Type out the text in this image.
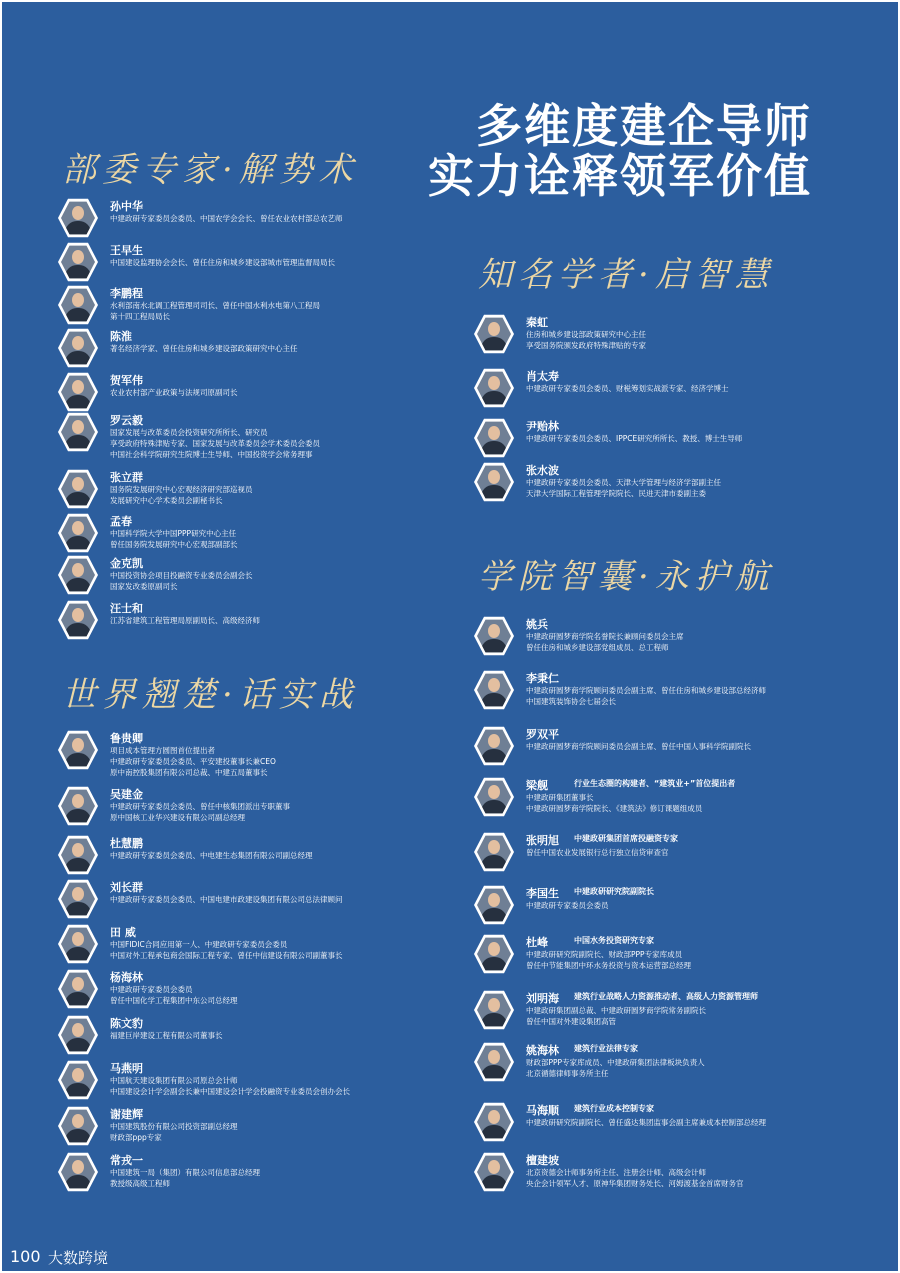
多维度建企导师
实力诠释领军价值
部委专家·解势术
世界翘楚·话实战
知名学者·启智慧
学院智囊·永护航
孙中华
中建政研专家委员会委员、中国农学会会长、曾任农业农村部总农艺师
王早生
中国建设监理协会会长、曾任住房和城乡建设部城市管理监督局局长
李鹏程
水利部南水北调工程管理司司长、曾任中国水利水电第八工程局
第十四工程局局长
陈淮
著名经济学家、曾任住房和城乡建设部政策研究中心主任
贺军伟
农业农村部产业政策与法规司原副司长
罗云毅
国家发展与改革委员会投资研究所所长、研究员
享受政府特殊津贴专家、国家发展与改革委员会学术委员会委员
中国社会科学院研究生院博士生导师、中国投资学会常务理事
张立群
国务院发展研究中心宏观经济研究部巡视员
发展研究中心学术委员会副秘书长
孟春
中国科学院大学中国PPP研究中心主任
曾任国务院发展研究中心宏观部副部长
金克凯
中国投资协会项目投融资专业委员会副会长
国家发改委原副司长
汪士和
江苏省建筑工程管理局原副局长、高级经济师
鲁贵卿
项目成本管理方圆图首位提出者
中建政研专家委员会委员、平安建投董事长兼CEO
原中南控股集团有限公司总裁、中建五局董事长
吴建金
中建政研专家委员会委员、曾任中核集团派出专职董事
原中国核工业华兴建设有限公司副总经理
杜慧鹏
中建政研专家委员会委员、中电建生态集团有限公司副总经理
刘长群
中建政研专家委员会委员、中国电建市政建设集团有限公司总法律顾问
田 威
中国FIDIC合同应用第一人、中建政研专家委员会委员
中国对外工程承包商会国际工程专家、曾任中信建设有限公司副董事长
杨海林
中建政研专家委员会委员
曾任中国化学工程集团中东公司总经理
陈文豹
福建巨岸建设工程有限公司董事长
马燕明
中国航天建设集团有限公司原总会计师
中国建设会计学会副会长兼中国建设会计学会投融资专业委员会创办会长
谢建辉
中国建筑股份有限公司投资部副总经理
财政部ppp专家
常戎一
中国建筑一局（集团）有限公司信息部总经理
教授级高级工程师
秦虹
住房和城乡建设部政策研究中心主任
享受国务院颁发政府特殊津贴的专家
肖太寿
中建政研专家委员会委员、财税筹划实战派专家、经济学博士
尹贻林
中建政研专家委员会委员、IPPCE研究所所长、教授、博士生导师
张水波
中建政研专家委员会委员、天津大学管理与经济学部副主任
天津大学国际工程管理学院院长、民进天津市委副主委
姚兵
中建政研圆梦商学院名誉院长兼顾问委员会主席
曾任住房和城乡建设部党组成员、总工程师
李秉仁
中建政研圆梦商学院顾问委员会副主席、曾任住房和城乡建设部总经济师
中国建筑装饰协会七届会长
罗双平
中建政研圆梦商学院顾问委员会副主席、曾任中国人事科学院副院长
梁舰	行业生态圈的构建者、“建筑业+”首位提出者
中建政研集团董事长
中建政研圆梦商学院院长、《建筑法》修订课题组成员
张明旭 中建政研集团首席投融资专家
曾任中国农业发展银行总行独立信贷审查官
李国生 中建政研研究院副院长
中建政研专家委员会委员
杜峰	中国水务投资研究专家
中建政研研究院副院长、财政部PPP专家库成员
曾任中节能集团中环水务投资与资本运营部总经理
刘明海 建筑行业战略人力资源推动者、高级人力资源管理师
中建政研集团副总裁、中建政研圆梦商学院常务副院长
曾任中国对外建设集团高管
姚海林 建筑行业法律专家
财政部PPP专家库成员、中建政研集团法律板块负责人
北京循德律师事务所主任
马海顺 建筑行业成本控制专家
中建政研研究院副院长、曾任盛达集团监事会副主席兼成本控制部总经理
檀建坡
北京资德会计师事务所主任、注册会计师、高级会计师
央企会计领军人才、原神华集团财务处长、河姆渡基金首席财务官
100 大数跨境
